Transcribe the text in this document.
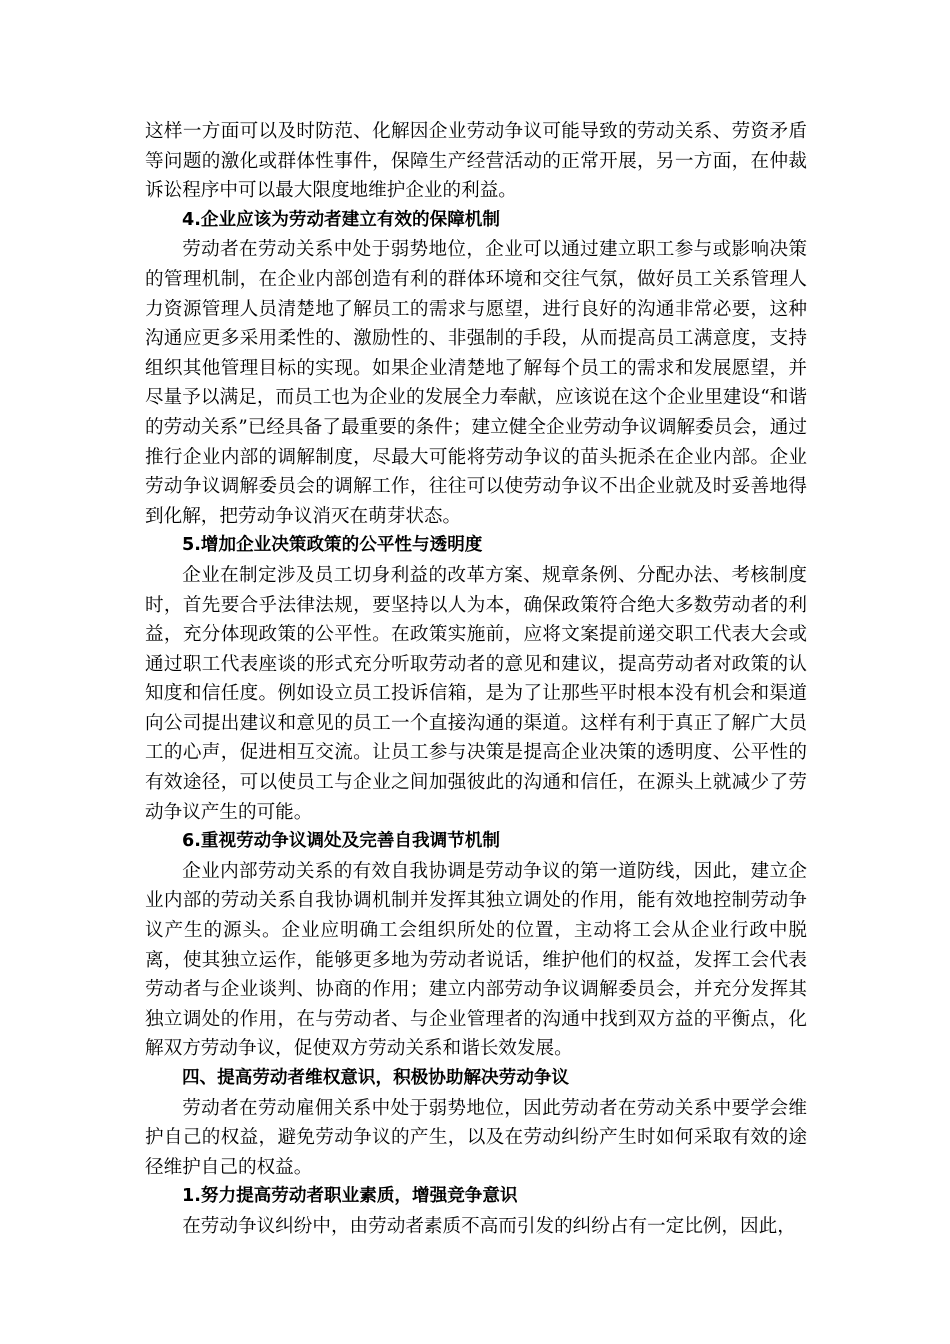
这样一方面可以及时防范、化解因企业劳动争议可能导致的劳动关系、劳资矛盾等问题的激化或群体性事件，保障生产经营活动的正常开展，另一方面，在仲裁诉讼程序中可以最大限度地维护企业的利益。

4.企业应该为劳动者建立有效的保障机制

劳动者在劳动关系中处于弱势地位，企业可以通过建立职工参与或影响决策的管理机制，在企业内部创造有利的群体环境和交往气氛，做好员工关系管理人力资源管理人员清楚地了解员工的需求与愿望，进行良好的沟通非常必要，这种沟通应更多采用柔性的、激励性的、非强制的手段，从而提高员工满意度，支持组织其他管理目标的实现。如果企业清楚地了解每个员工的需求和发展愿望，并尽量予以满足，而员工也为企业的发展全力奉献，应该说在这个企业里建设“和谐的劳动关系”已经具备了最重要的条件；建立健全企业劳动争议调解委员会，通过推行企业内部的调解制度，尽最大可能将劳动争议的苗头扼杀在企业内部。企业劳动争议调解委员会的调解工作，往往可以使劳动争议不出企业就及时妥善地得到化解，把劳动争议消灭在萌芽状态。

5.增加企业决策政策的公平性与透明度

企业在制定涉及员工切身利益的改革方案、规章条例、分配办法、考核制度时，首先要合乎法律法规，要坚持以人为本，确保政策符合绝大多数劳动者的利益，充分体现政策的公平性。在政策实施前，应将文案提前递交职工代表大会或通过职工代表座谈的形式充分听取劳动者的意见和建议，提高劳动者对政策的认知度和信任度。例如设立员工投诉信箱，是为了让那些平时根本没有机会和渠道向公司提出建议和意见的员工一个直接沟通的渠道。这样有利于真正了解广大员工的心声，促进相互交流。让员工参与决策是提高企业决策的透明度、公平性的有效途径，可以使员工与企业之间加强彼此的沟通和信任，在源头上就减少了劳动争议产生的可能。

6.重视劳动争议调处及完善自我调节机制

企业内部劳动关系的有效自我协调是劳动争议的第一道防线，因此，建立企业内部的劳动关系自我协调机制并发挥其独立调处的作用，能有效地控制劳动争议产生的源头。企业应明确工会组织所处的位置，主动将工会从企业行政中脱离，使其独立运作，能够更多地为劳动者说话，维护他们的权益，发挥工会代表劳动者与企业谈判、协商的作用；建立内部劳动争议调解委员会，并充分发挥其独立调处的作用，在与劳动者、与企业管理者的沟通中找到双方益的平衡点，化解双方劳动争议，促使双方劳动关系和谐长效发展。

四、提高劳动者维权意识，积极协助解决劳动争议

劳动者在劳动雇佣关系中处于弱势地位，因此劳动者在劳动关系中要学会维护自己的权益，避免劳动争议的产生，以及在劳动纠纷产生时如何采取有效的途径维护自己的权益。

1.努力提高劳动者职业素质，增强竞争意识

在劳动争议纠纷中，由劳动者素质不高而引发的纠纷占有一定比例，因此，
